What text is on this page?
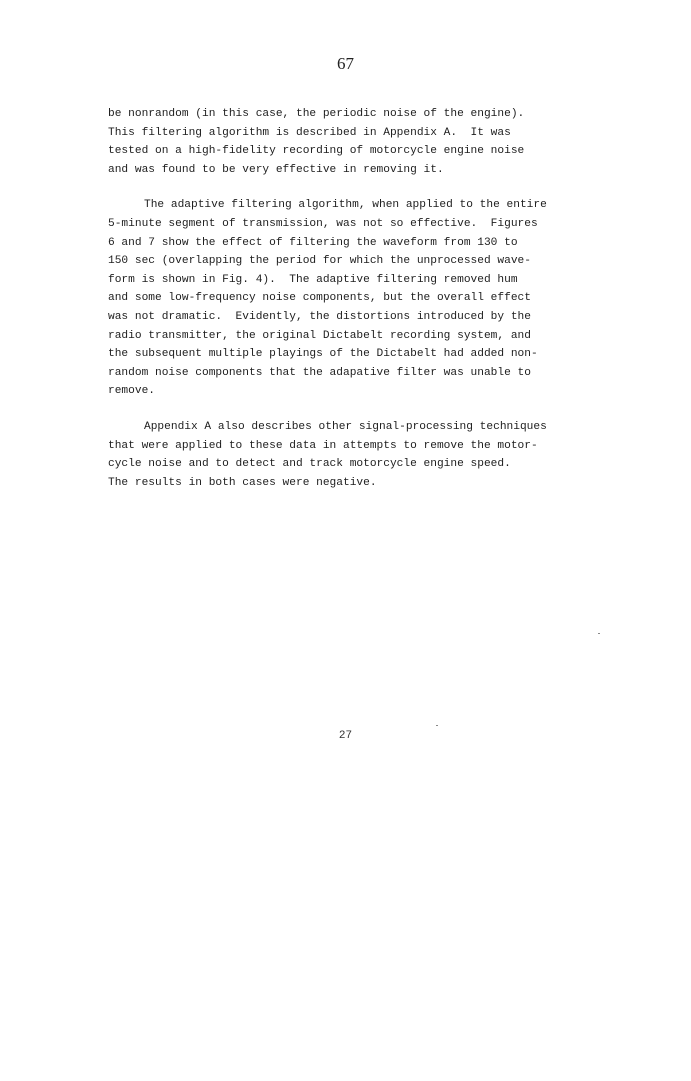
67
be nonrandom (in this case, the periodic noise of the engine).
This filtering algorithm is described in Appendix A.  It was
tested on a high-fidelity recording of motorcycle engine noise
and was found to be very effective in removing it.
The adaptive filtering algorithm, when applied to the entire
5-minute segment of transmission, was not so effective.  Figures
6 and 7 show the effect of filtering the waveform from 130 to
150 sec (overlapping the period for which the unprocessed wave-
form is shown in Fig. 4).  The adaptive filtering removed hum
and some low-frequency noise components, but the overall effect
was not dramatic.  Evidently, the distortions introduced by the
radio transmitter, the original Dictabelt recording system, and
the subsequent multiple playings of the Dictabelt had added non-
random noise components that the adapative filter was unable to
remove.
Appendix A also describes other signal-processing techniques
that were applied to these data in attempts to remove the motor-
cycle noise and to detect and track motorcycle engine speed.
The results in both cases were negative.
27
